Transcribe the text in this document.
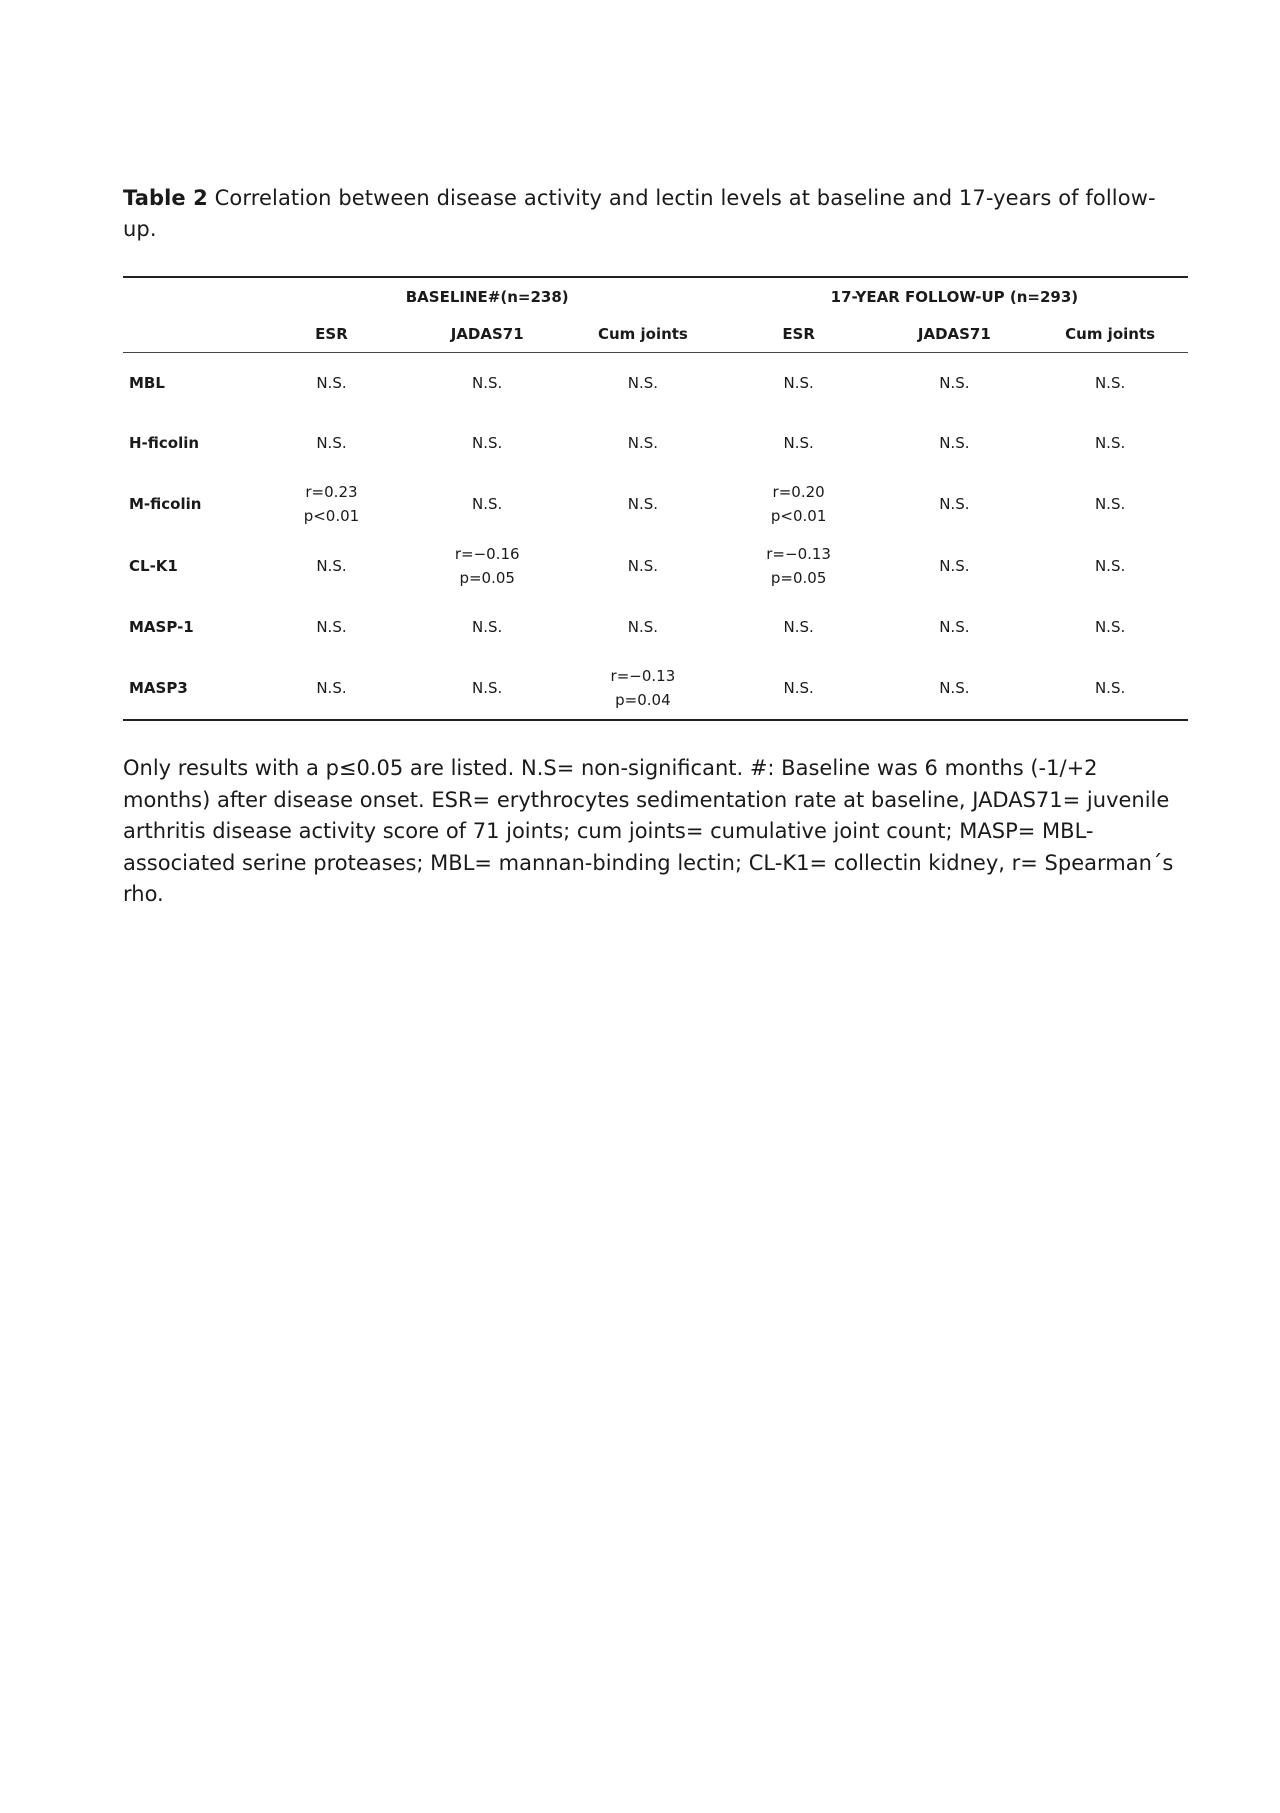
Table 2 Correlation between disease activity and lectin levels at baseline and 17-years of follow-up.

	BASELINE#(n=238)			17-YEAR FOLLOW-UP (n=293)		
	ESR	JADAS71	Cum joints	ESR	JADAS71	Cum joints
MBL	N.S.	N.S.	N.S.	N.S.	N.S.	N.S.

H-ficolin	N.S.	N.S.	N.S.	N.S.	N.S.	N.S.

M-ficolin	r=0.23
p<0.01	N.S.	N.S.	r=0.20
p<0.01	N.S.	N.S.

CL-K1	N.S.	r=−0.16
p=0.05	N.S.	r=−0.13
p=0.05	N.S.	N.S.

MASP-1	N.S.	N.S.	N.S.	N.S.	N.S.	N.S.

MASP3	N.S.	N.S.	r=−0.13
p=0.04	N.S.	N.S.	N.S.

Only results with a p≤0.05 are listed. N.S= non-significant. #: Baseline was 6 months (-1/+2 months) after disease onset. ESR= erythrocytes sedimentation rate at baseline, JADAS71= juvenile arthritis disease activity score of 71 joints; cum joints= cumulative joint count; MASP= MBL-associated serine proteases; MBL= mannan-binding lectin; CL-K1= collectin kidney, r= Spearman´s rho.
